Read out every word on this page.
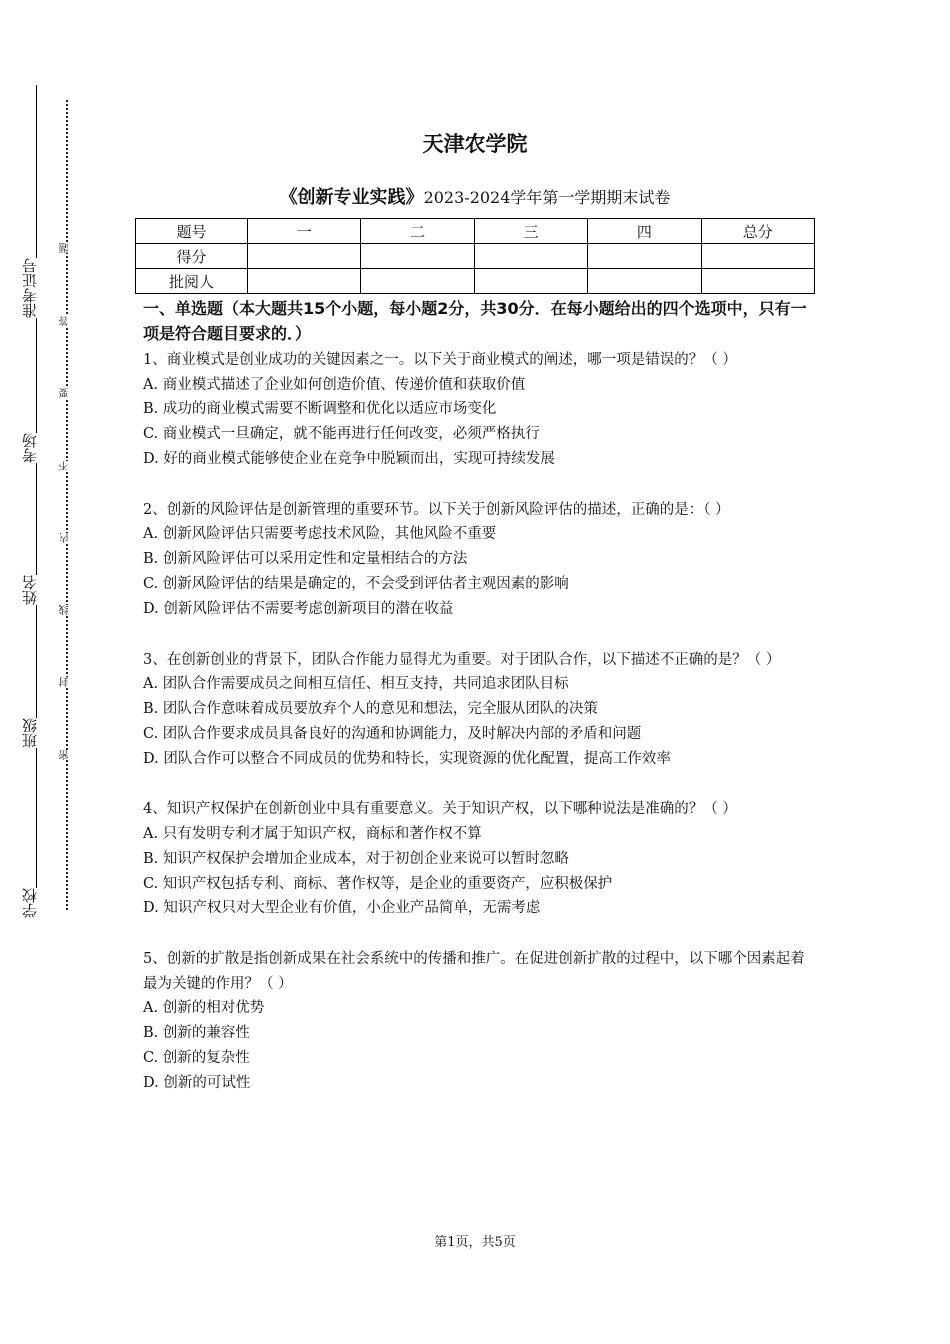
准考证号
考场
姓名
班级
学校
题
答
要
不
内
线
封
密
天津农学院
《创新专业实践》2023-2024学年第一学期期末试卷
题号	一	二	三	四	总分
得分					
批阅人					

一、单选题（本大题共15个小题，每小题2分，共30分．在每小题给出的四个选项中，只有一项是符合题目要求的．）

1、商业模式是创业成功的关键因素之一。以下关于商业模式的阐述，哪一项是错误的？（ ）

A. 商业模式描述了企业如何创造价值、传递价值和获取价值

B. 成功的商业模式需要不断调整和优化以适应市场变化

C. 商业模式一旦确定，就不能再进行任何改变，必须严格执行

D. 好的商业模式能够使企业在竞争中脱颖而出，实现可持续发展

2、创新的风险评估是创新管理的重要环节。以下关于创新风险评估的描述，正确的是：（ ）

A. 创新风险评估只需要考虑技术风险，其他风险不重要

B. 创新风险评估可以采用定性和定量相结合的方法

C. 创新风险评估的结果是确定的，不会受到评估者主观因素的影响

D. 创新风险评估不需要考虑创新项目的潜在收益

3、在创新创业的背景下，团队合作能力显得尤为重要。对于团队合作，以下描述不正确的是？（ ）

A. 团队合作需要成员之间相互信任、相互支持，共同追求团队目标

B. 团队合作意味着成员要放弃个人的意见和想法，完全服从团队的决策

C. 团队合作要求成员具备良好的沟通和协调能力，及时解决内部的矛盾和问题

D. 团队合作可以整合不同成员的优势和特长，实现资源的优化配置，提高工作效率

4、知识产权保护在创新创业中具有重要意义。关于知识产权，以下哪种说法是准确的？（ ）

A. 只有发明专利才属于知识产权，商标和著作权不算

B. 知识产权保护会增加企业成本，对于初创企业来说可以暂时忽略

C. 知识产权包括专利、商标、著作权等，是企业的重要资产，应积极保护

D. 知识产权只对大型企业有价值，小企业产品简单，无需考虑

5、创新的扩散是指创新成果在社会系统中的传播和推广。在促进创新扩散的过程中，以下哪个因素起着最为关键的作用？（ ）

A. 创新的相对优势

B. 创新的兼容性

C. 创新的复杂性

D. 创新的可试性

第1页，共5页
